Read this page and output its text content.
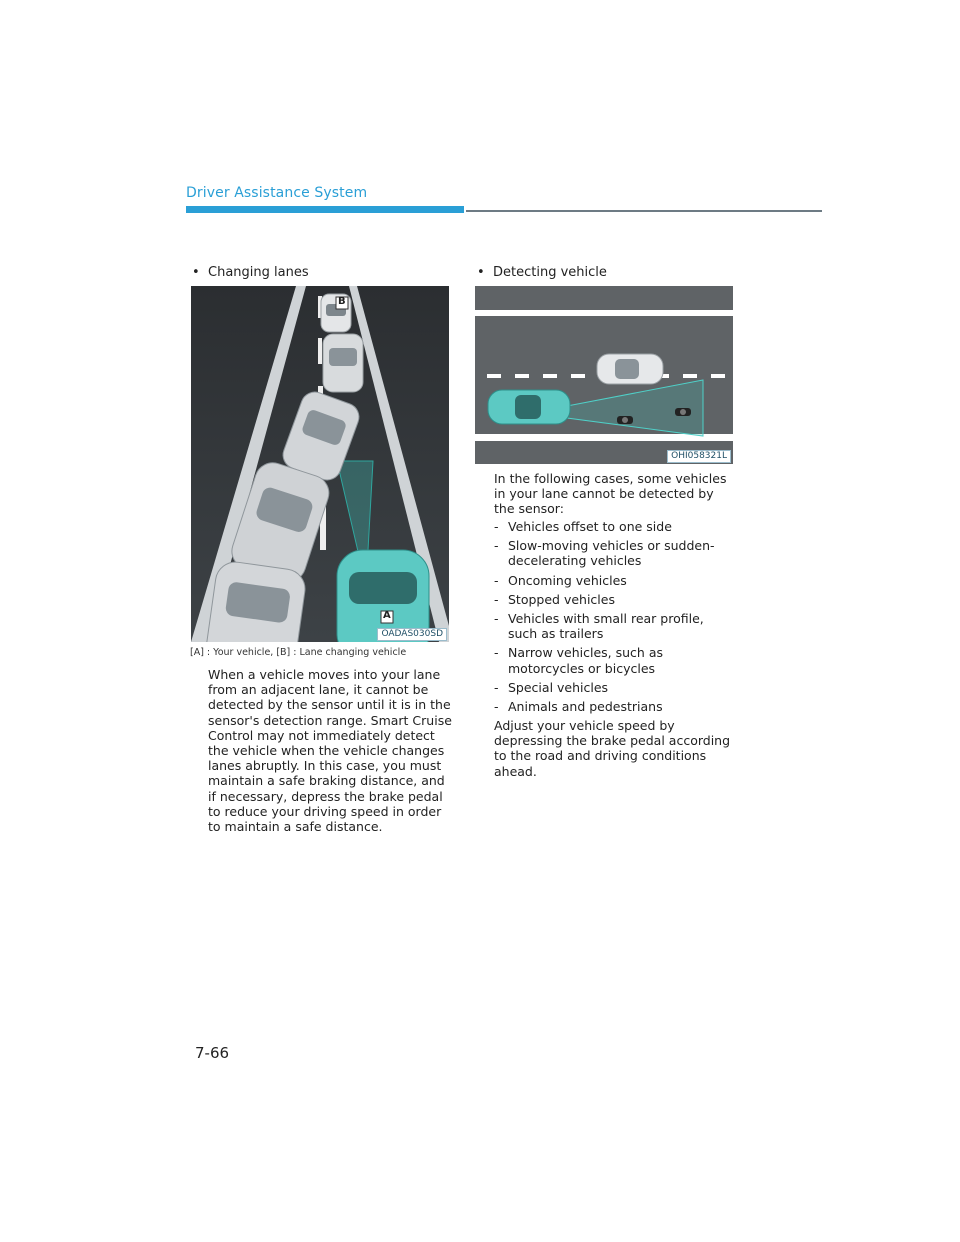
Driver Assistance System
• Changing lanes
B
A
OADAS030SD
[A] : Your vehicle, [B] : Lane changing vehicle

When a vehicle moves into your lane from an adjacent lane, it cannot be detected by the sensor until it is in the sensor's detection range. Smart Cruise Control may not immediately detect the vehicle when the vehicle changes lanes abruptly. In this case, you must maintain a safe braking distance, and if necessary, depress the brake pedal to reduce your driving speed in order to maintain a safe distance.

• Detecting vehicle
OHI058321L

In the following cases, some vehicles in your lane cannot be detected by the sensor:

- Vehicles offset to one side
- Slow-moving vehicles or sudden-decelerating vehicles
- Oncoming vehicles
- Stopped vehicles
- Vehicles with small rear profile, such as trailers
- Narrow vehicles, such as motorcycles or bicycles
- Special vehicles
- Animals and pedestrians

Adjust your vehicle speed by depressing the brake pedal according to the road and driving conditions ahead.

7-66
